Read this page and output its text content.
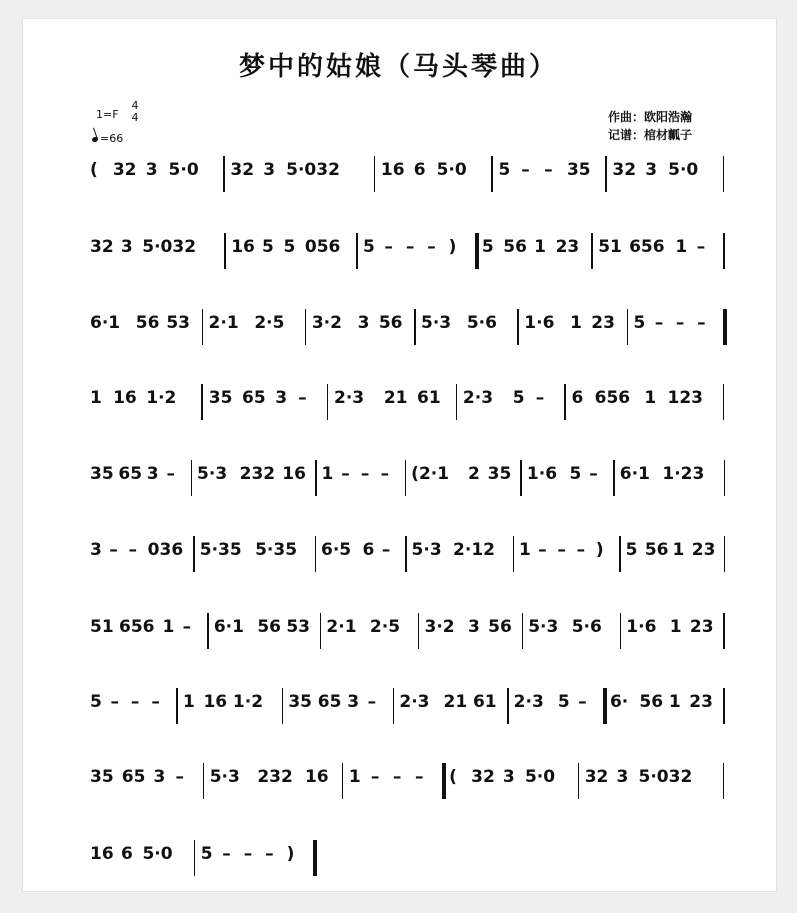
梦中的姑娘（马头琴曲）
作曲：欧阳浩瀚
记谱：棺材瓤子
1=F
4
4
=66
( 32 3 5·0 32 3 5·032 16 6 5·0 5 – – 35 32 3 5·0
32 3 5·032 16 5 5 056 5 – – – ) 5 56 1 23 51 656 1 –
6·1 56 53 2·1 2·5 3·2 3 56 5·3 5·6 1·6 1 23 5 – – –
1 16 1·2 35 65 3 – 2·3 21 61 2·3 5 – 6 656 1 123
35 65 3 – 5·3 232 16 1 – – – (2·1 2 35 1·6 5 – 6·1 1·23
3 – – 036 5·35 5·35 6·5 6 – 5·3 2·12 1 – – – ) 5 56 1 23
51 656 1 – 6·1 56 53 2·1 2·5 3·2 3 56 5·3 5·6 1·6 1 23
5 – – – 1 16 1·2 35 65 3 – 2·3 21 61 2·3 5 – 6· 56 1 23
35 65 3 – 5·3 232 16 1 – – – ( 32 3 5·0 32 3 5·032
16 6 5·0 5 – – – )
